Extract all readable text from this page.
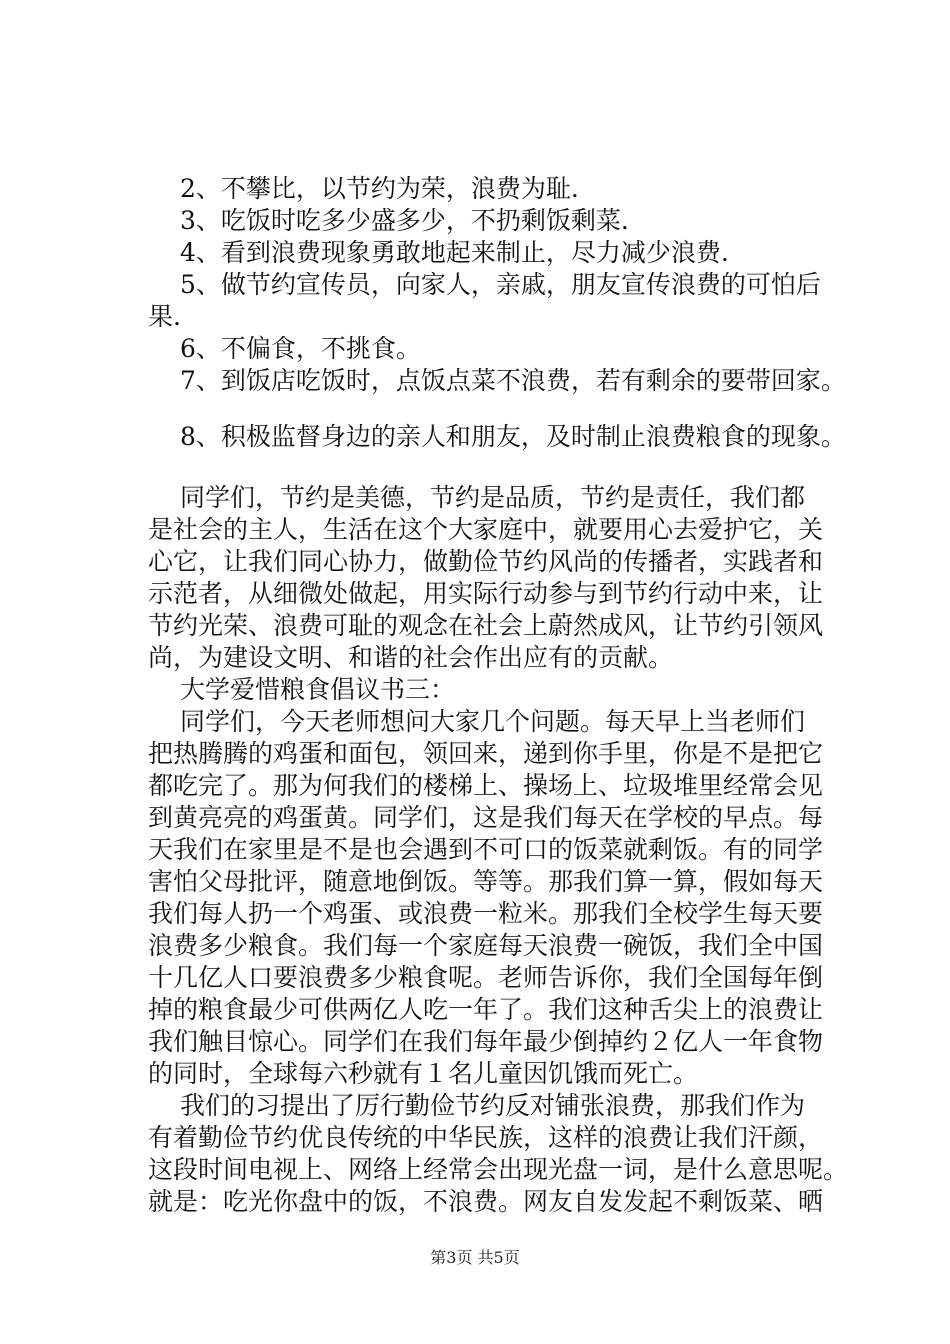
2、不攀比，以节约为荣，浪费为耻.
3、吃饭时吃多少盛多少，不扔剩饭剩菜.
4、看到浪费现象勇敢地起来制止，尽力减少浪费.
5、做节约宣传员，向家人，亲戚，朋友宣传浪费的可怕后
果.
6、不偏食，不挑食。
7、到饭店吃饭时，点饭点菜不浪费，若有剩余的要带回家。
8、积极监督身边的亲人和朋友，及时制止浪费粮食的现象。
同学们，节约是美德，节约是品质，节约是责任，我们都
是社会的主人，生活在这个大家庭中，就要用心去爱护它，关
心它，让我们同心协力，做勤俭节约风尚的传播者，实践者和
示范者，从细微处做起，用实际行动参与到节约行动中来，让
节约光荣、浪费可耻的观念在社会上蔚然成风，让节约引领风
尚，为建设文明、和谐的社会作出应有的贡献。
大学爱惜粮食倡议书三：
同学们，今天老师想问大家几个问题。每天早上当老师们
把热腾腾的鸡蛋和面包，领回来，递到你手里，你是不是把它
都吃完了。那为何我们的楼梯上、操场上、垃圾堆里经常会见
到黄亮亮的鸡蛋黄。同学们，这是我们每天在学校的早点。每
天我们在家里是不是也会遇到不可口的饭菜就剩饭。有的同学
害怕父母批评，随意地倒饭。等等。那我们算一算，假如每天
我们每人扔一个鸡蛋、或浪费一粒米。那我们全校学生每天要
浪费多少粮食。我们每一个家庭每天浪费一碗饭，我们全中国
十几亿人口要浪费多少粮食呢。老师告诉你，我们全国每年倒
掉的粮食最少可供两亿人吃一年了。我们这种舌尖上的浪费让
我们触目惊心。同学们在我们每年最少倒掉约２亿人一年食物
的同时，全球每六秒就有１名儿童因饥饿而死亡。
我们的习提出了厉行勤俭节约反对铺张浪费，那我们作为
有着勤俭节约优良传统的中华民族，这样的浪费让我们汗颜，
这段时间电视上、网络上经常会出现光盘一词，是什么意思呢。
就是：吃光你盘中的饭，不浪费。网友自发发起不剩饭菜、晒
第3页 共5页
